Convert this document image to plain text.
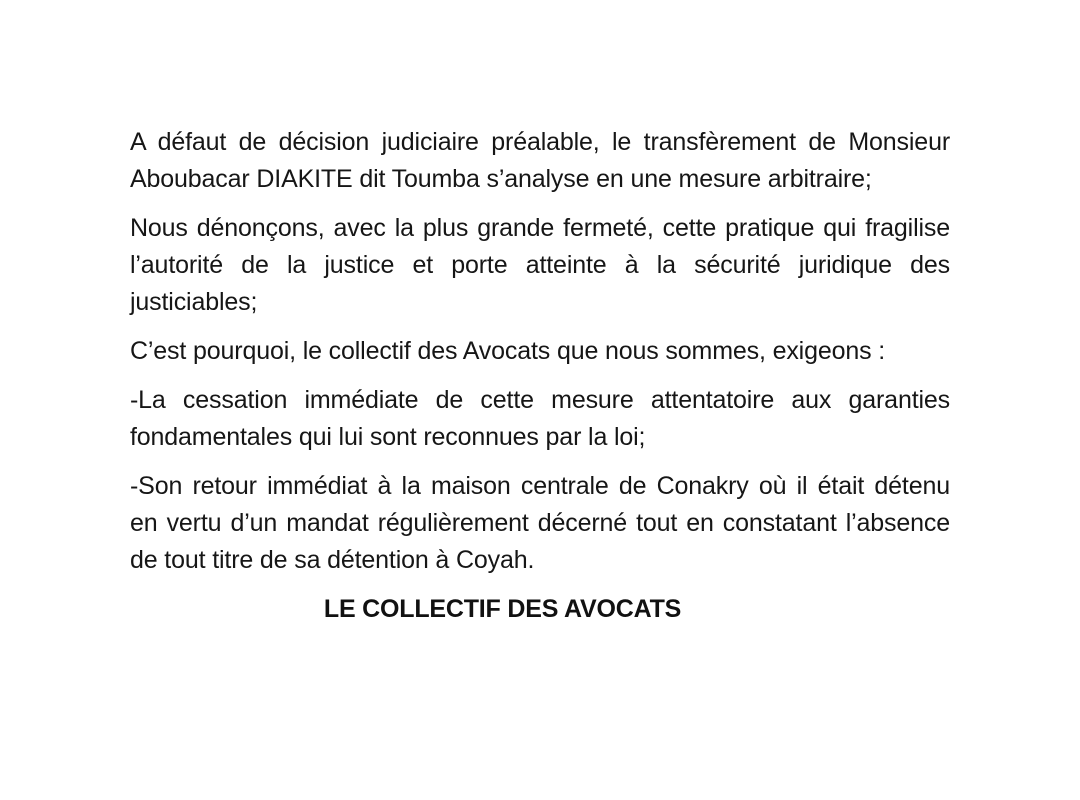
A défaut de décision judiciaire préalable, le transfèrement de Monsieur
Aboubacar DIAKITE dit Toumba s’analyse en une mesure arbitraire;
Nous dénonçons, avec la plus grande fermeté, cette pratique qui fragilise
l’autorité de la justice et porte atteinte à la sécurité juridique des
justiciables;
C’est pourquoi, le collectif des Avocats que nous sommes, exigeons :
-La cessation immédiate de cette mesure attentatoire aux garanties
fondamentales qui lui sont reconnues par la loi;
-Son retour immédiat à la maison centrale de Conakry où il était détenu
en vertu d’un mandat régulièrement décerné tout en constatant l’absence
de tout titre de sa détention à Coyah.
LE COLLECTIF DES AVOCATS
